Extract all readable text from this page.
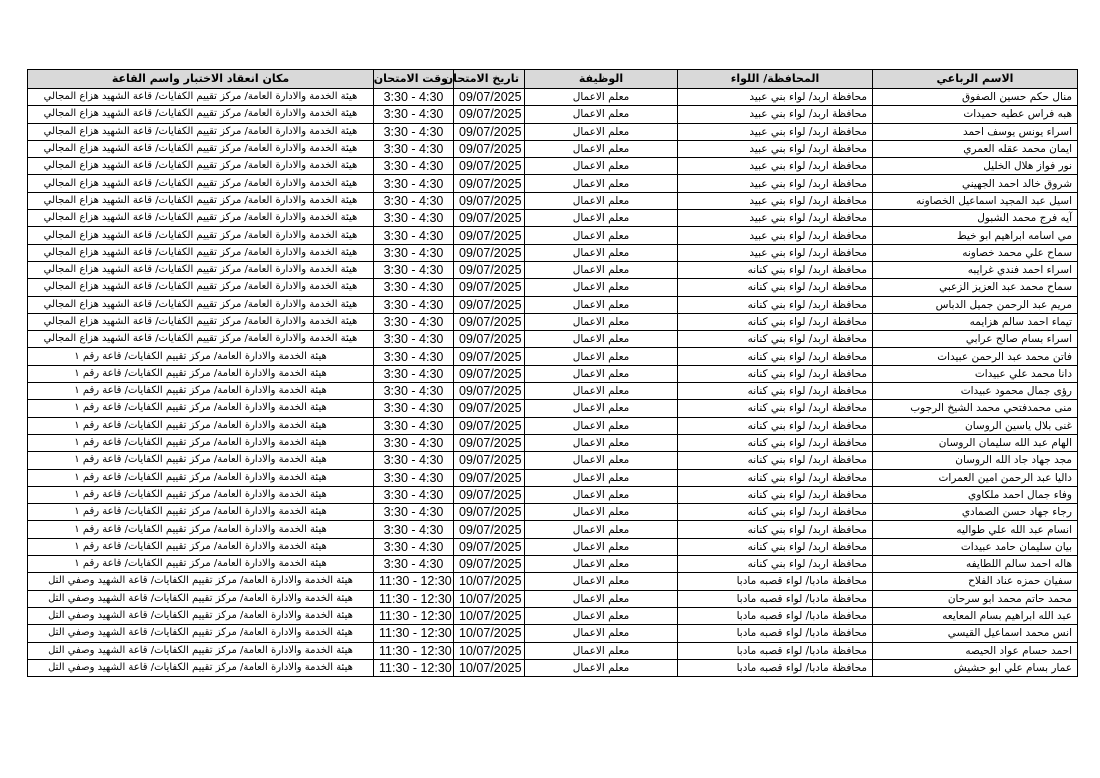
الاسم الرباعي	المحافظة/ اللواء	الوظيفة	تاريخ الامتحان	وقت الامتحان	مكان انعقاد الاختبار واسم القاعة
منال حكم حسين الصفوق	محافظة اربد/ لواء بني عبيد	معلم الاعمال	09/07/2025	3:30 - 4:30	هيئة الخدمة والادارة العامة/ مركز تقييم الكفايات/ قاعة الشهيد هزاع المجالي
هبه فراس عطيه حميدات	محافظة اربد/ لواء بني عبيد	معلم الاعمال	09/07/2025	3:30 - 4:30	هيئة الخدمة والادارة العامة/ مركز تقييم الكفايات/ قاعة الشهيد هزاع المجالي
اسراء يونس يوسف احمد	محافظة اربد/ لواء بني عبيد	معلم الاعمال	09/07/2025	3:30 - 4:30	هيئة الخدمة والادارة العامة/ مركز تقييم الكفايات/ قاعة الشهيد هزاع المجالي
ايمان محمد عقله العمري	محافظة اربد/ لواء بني عبيد	معلم الاعمال	09/07/2025	3:30 - 4:30	هيئة الخدمة والادارة العامة/ مركز تقييم الكفايات/ قاعة الشهيد هزاع المجالي
نور فواز هلال الخليل	محافظة اربد/ لواء بني عبيد	معلم الاعمال	09/07/2025	3:30 - 4:30	هيئة الخدمة والادارة العامة/ مركز تقييم الكفايات/ قاعة الشهيد هزاع المجالي
شروق خالد احمد الجهيني	محافظة اربد/ لواء بني عبيد	معلم الاعمال	09/07/2025	3:30 - 4:30	هيئة الخدمة والادارة العامة/ مركز تقييم الكفايات/ قاعة الشهيد هزاع المجالي
اسيل عبد المجيد اسماعيل الخصاونه	محافظة اربد/ لواء بني عبيد	معلم الاعمال	09/07/2025	3:30 - 4:30	هيئة الخدمة والادارة العامة/ مركز تقييم الكفايات/ قاعة الشهيد هزاع المجالي
آيه فرج محمد الشبول	محافظة اربد/ لواء بني عبيد	معلم الاعمال	09/07/2025	3:30 - 4:30	هيئة الخدمة والادارة العامة/ مركز تقييم الكفايات/ قاعة الشهيد هزاع المجالي
مي اسامه ابراهيم ابو خيط	محافظة اربد/ لواء بني عبيد	معلم الاعمال	09/07/2025	3:30 - 4:30	هيئة الخدمة والادارة العامة/ مركز تقييم الكفايات/ قاعة الشهيد هزاع المجالي
سماح علي محمد خصاونه	محافظة اربد/ لواء بني عبيد	معلم الاعمال	09/07/2025	3:30 - 4:30	هيئة الخدمة والادارة العامة/ مركز تقييم الكفايات/ قاعة الشهيد هزاع المجالي
اسراء احمد فندي غرايبه	محافظة اربد/ لواء بني كنانه	معلم الاعمال	09/07/2025	3:30 - 4:30	هيئة الخدمة والادارة العامة/ مركز تقييم الكفايات/ قاعة الشهيد هزاع المجالي
سماح محمد عبد العزيز الزعبي	محافظة اربد/ لواء بني كنانه	معلم الاعمال	09/07/2025	3:30 - 4:30	هيئة الخدمة والادارة العامة/ مركز تقييم الكفايات/ قاعة الشهيد هزاع المجالي
مريم عبد الرحمن جميل الدباس	محافظة اربد/ لواء بني كنانه	معلم الاعمال	09/07/2025	3:30 - 4:30	هيئة الخدمة والادارة العامة/ مركز تقييم الكفايات/ قاعة الشهيد هزاع المجالي
تيماء احمد سالم هزايمه	محافظة اربد/ لواء بني كنانه	معلم الاعمال	09/07/2025	3:30 - 4:30	هيئة الخدمة والادارة العامة/ مركز تقييم الكفايات/ قاعة الشهيد هزاع المجالي
اسراء بسام صالح عرابي	محافظة اربد/ لواء بني كنانه	معلم الاعمال	09/07/2025	3:30 - 4:30	هيئة الخدمة والادارة العامة/ مركز تقييم الكفايات/ قاعة الشهيد هزاع المجالي
فاتن محمد عبد الرحمن عبيدات	محافظة اربد/ لواء بني كنانه	معلم الاعمال	09/07/2025	3:30 - 4:30	هيئة الخدمة والادارة العامة/ مركز تقييم الكفايات/ قاعة رقم ١
دانا محمد علي عبيدات	محافظة اربد/ لواء بني كنانه	معلم الاعمال	09/07/2025	3:30 - 4:30	هيئة الخدمة والادارة العامة/ مركز تقييم الكفايات/ قاعة رقم ١
رؤى جمال محمود عبيدات	محافظة اربد/ لواء بني كنانه	معلم الاعمال	09/07/2025	3:30 - 4:30	هيئة الخدمة والادارة العامة/ مركز تقييم الكفايات/ قاعة رقم ١
منى محمدفتحي محمد الشيخ الرجوب	محافظة اربد/ لواء بني كنانه	معلم الاعمال	09/07/2025	3:30 - 4:30	هيئة الخدمة والادارة العامة/ مركز تقييم الكفايات/ قاعة رقم ١
غنى بلال ياسين الروسان	محافظة اربد/ لواء بني كنانه	معلم الاعمال	09/07/2025	3:30 - 4:30	هيئة الخدمة والادارة العامة/ مركز تقييم الكفايات/ قاعة رقم ١
الهام عبد الله سليمان الروسان	محافظة اربد/ لواء بني كنانه	معلم الاعمال	09/07/2025	3:30 - 4:30	هيئة الخدمة والادارة العامة/ مركز تقييم الكفايات/ قاعة رقم ١
مجد جهاد جاد الله الروسان	محافظة اربد/ لواء بني كنانه	معلم الاعمال	09/07/2025	3:30 - 4:30	هيئة الخدمة والادارة العامة/ مركز تقييم الكفايات/ قاعة رقم ١
داليا عبد الرحمن امين العمرات	محافظة اربد/ لواء بني كنانه	معلم الاعمال	09/07/2025	3:30 - 4:30	هيئة الخدمة والادارة العامة/ مركز تقييم الكفايات/ قاعة رقم ١
وفاء جمال احمد ملكاوي	محافظة اربد/ لواء بني كنانه	معلم الاعمال	09/07/2025	3:30 - 4:30	هيئة الخدمة والادارة العامة/ مركز تقييم الكفايات/ قاعة رقم ١
رجاء جهاد حسن الصمادي	محافظة اربد/ لواء بني كنانه	معلم الاعمال	09/07/2025	3:30 - 4:30	هيئة الخدمة والادارة العامة/ مركز تقييم الكفايات/ قاعة رقم ١
انسام عبد الله علي طواليه	محافظة اربد/ لواء بني كنانه	معلم الاعمال	09/07/2025	3:30 - 4:30	هيئة الخدمة والادارة العامة/ مركز تقييم الكفايات/ قاعة رقم ١
بيان سليمان حامد عبيدات	محافظة اربد/ لواء بني كنانه	معلم الاعمال	09/07/2025	3:30 - 4:30	هيئة الخدمة والادارة العامة/ مركز تقييم الكفايات/ قاعة رقم ١
هاله احمد سالم اللطايفه	محافظة اربد/ لواء بني كنانه	معلم الاعمال	09/07/2025	3:30 - 4:30	هيئة الخدمة والادارة العامة/ مركز تقييم الكفايات/ قاعة رقم ١
سفيان حمزه عناد الفلاح	محافظة مادبا/ لواء قصبه مادبا	معلم الاعمال	10/07/2025	11:30 - 12:30	هيئة الخدمة والادارة العامة/ مركز تقييم الكفايات/ قاعة الشهيد وصفي التل
محمد حاتم محمد ابو سرحان	محافظة مادبا/ لواء قصبه مادبا	معلم الاعمال	10/07/2025	11:30 - 12:30	هيئة الخدمة والادارة العامة/ مركز تقييم الكفايات/ قاعة الشهيد وصفي التل
عبد الله ابراهيم بسام المعايعه	محافظة مادبا/ لواء قصبه مادبا	معلم الاعمال	10/07/2025	11:30 - 12:30	هيئة الخدمة والادارة العامة/ مركز تقييم الكفايات/ قاعة الشهيد وصفي التل
انس محمد اسماعيل القيسي	محافظة مادبا/ لواء قصبه مادبا	معلم الاعمال	10/07/2025	11:30 - 12:30	هيئة الخدمة والادارة العامة/ مركز تقييم الكفايات/ قاعة الشهيد وصفي التل
احمد حسام عواد الحيصه	محافظة مادبا/ لواء قصبه مادبا	معلم الاعمال	10/07/2025	11:30 - 12:30	هيئة الخدمة والادارة العامة/ مركز تقييم الكفايات/ قاعة الشهيد وصفي التل
عمار بسام علي ابو حشيش	محافظة مادبا/ لواء قصبه مادبا	معلم الاعمال	10/07/2025	11:30 - 12:30	هيئة الخدمة والادارة العامة/ مركز تقييم الكفايات/ قاعة الشهيد وصفي التل
